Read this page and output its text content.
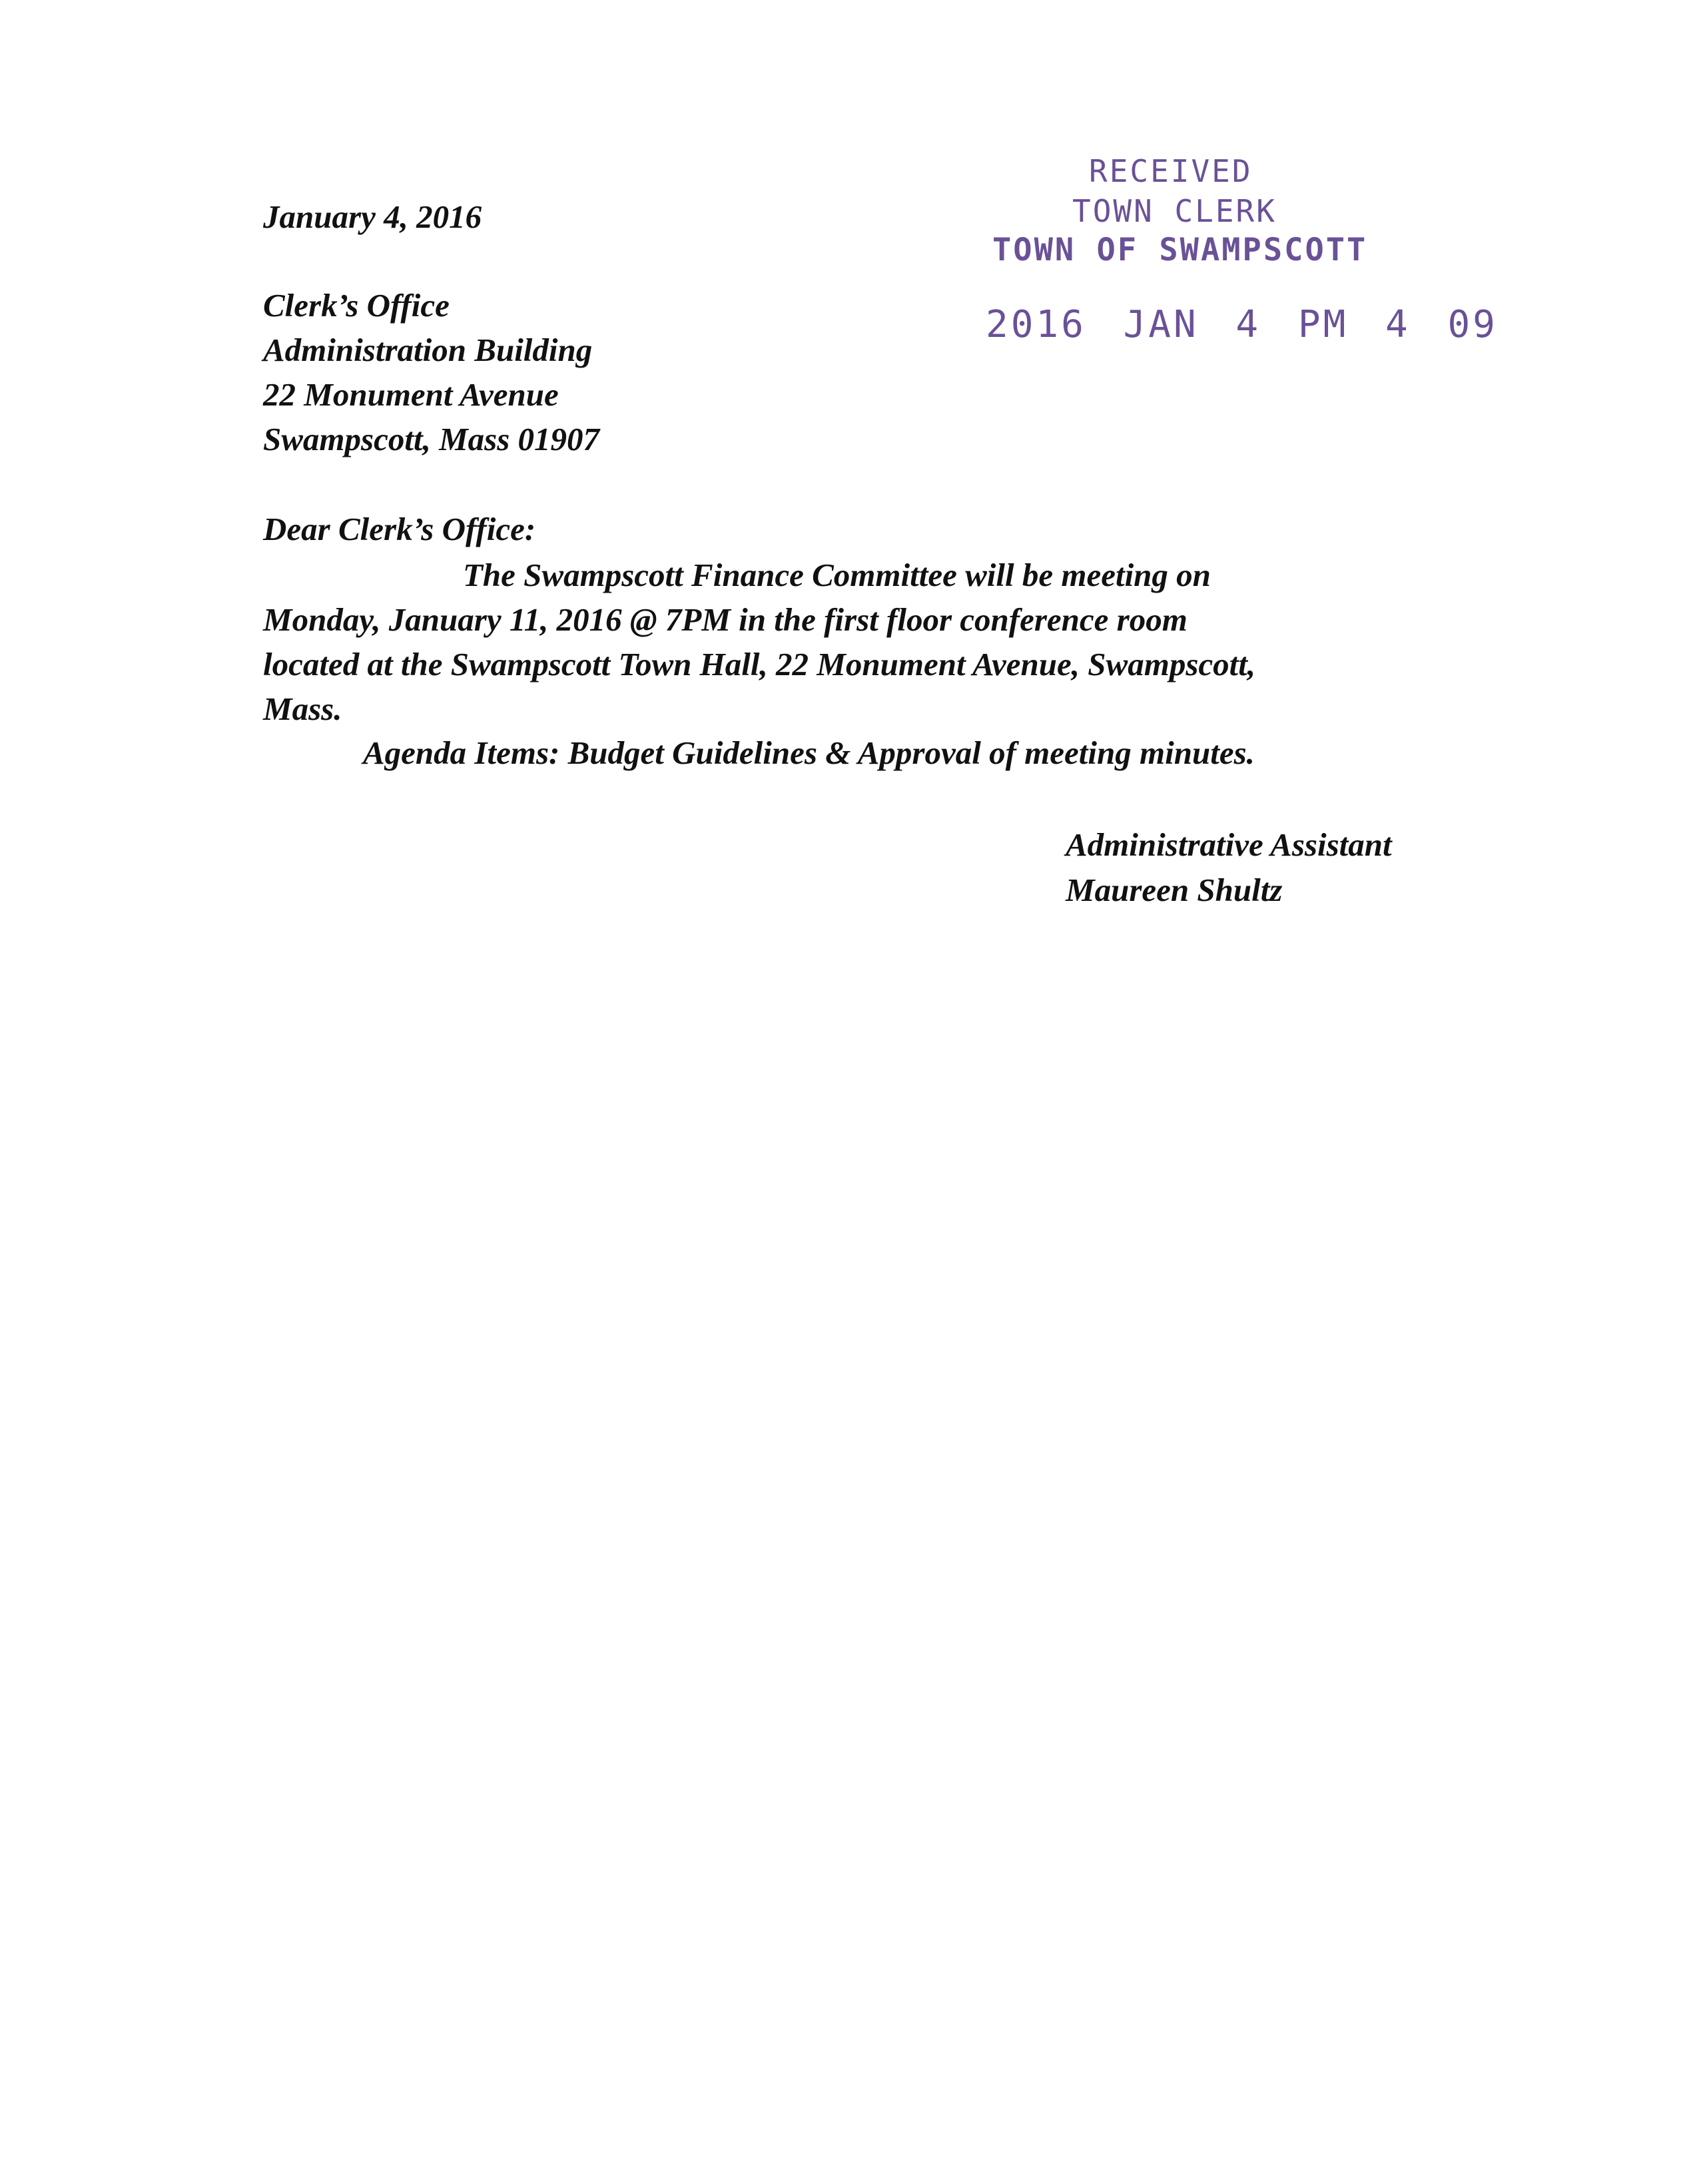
January 4, 2016
Clerk’s Office
Administration Building
22 Monument Avenue
Swampscott, Mass 01907
RECEIVED
TOWN CLERK
TOWN OF SWAMPSCOTT
2016 JAN 4 PM 4 09
Dear Clerk’s Office:
The Swampscott Finance Committee will be meeting on
Monday, January 11, 2016 @ 7PM in the first floor conference room
located at the Swampscott Town Hall, 22 Monument Avenue, Swampscott,
Mass.
Agenda Items: Budget Guidelines & Approval of meeting minutes.
Administrative Assistant
Maureen Shultz
